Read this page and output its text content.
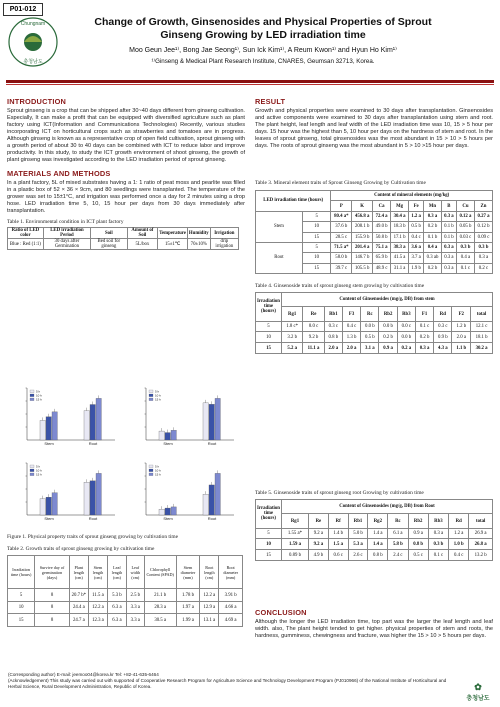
P01-012
Chungnam
충청남도
Change of Growth, Ginsenosides and Physical Properties of Sprout Ginseng Growing by LED irradiation time
Moo Geun Jee¹⁾, Bong Jae Seong¹⁾, Sun Ick Kim¹⁾, A Reum Kwon¹⁾ and Hyun Ho Kim¹⁾
¹⁾Ginseng & Medical Plant Research Institute, CNARES, Geumsan 32713, Korea.
INTRODUCTION
Sprout ginseng is a crop that can be shipped after 30~40 days different from ginseng cultivation. Especially, It can make a profit that can be equipped with diversified agriculture such as plant factory using ICT(Information and Communications Technologies) Recently, various studies incorporating ICT on horticultural crops such as strawberries and tomatoes are in progress. Although ginseng is known as a representative crop of open field cultivation, sprout ginseng with a growth period of about 30 to 40 days can be combined with ICT to reduce labor and improve productivity. In this study, to study the ICT growth environment of shoot ginseng, the growth of plant ginseng was investigated according to the LED irradiation period of sprout ginseng.
MATERIALS AND METHODS
In a plant factory, 5L of mixed substrates having a 1: 1 ratio of peat moss and pearlite was filled in a plastic box of 52 × 36 × 9cm, and 80 seedlings were transplanted. The temperature of the grower was set to 15±1°C, and irrigation was performed once a day for 2 minutes using a drop hose. LED irradiation time 5, 10, 15 hour per days from 30 days immediately after transplantation.
Table 1. Environmental condition in ICT plant factory
Ratio of LED color	LED irradiation Period	Soil	Amount of Soil	Temperature	Humidity	Irrigation
Blue : Red (1:1)	30 days after Germination	Bed soil for ginseng	5L/box	15±1℃	70±10%	drip irrigation
Stem	Root
5 h
10 h
15 h
Stem	Root
5 h
10 h
15 h
Stem	Root
5 h
10 h
15 h
Stem	Root
5 h
10 h
15 h
Figure 1. Physical property traits of sprout ginseng growing by cultivation time
Table 2. Growth traits of sprout ginseng growing by cultivation time
Irradiation time (hours)	Survive day of germination (days)	Plant length (cm)	Stem length (cm)	Leaf length (cm)	Leaf width (cm)	Chlorophyll Content (SPAD)	Stem diameter (mm)	Root length (cm)	Root diameter (mm)
5	8	20.7 b*	11.5 a	5.3 b	2.5 b	21.1 b	1.78 b	12.2 a	3.91 b
10	8	24.4 a	12.2 a	6.3 a	3.3 a	28.3 a	1.97 a	12.9 a	4.66 a
15	8	24.7 a	12.3 a	6.3 a	3.3 a	30.5 a	1.99 a	13.1 a	4.69 a
RESULT
Growth and physical properties were examined to 30 days after transplantation. Ginsenosides and active components were examined to 30 days after transplantation using stem and root. The plant height, leaf length and leaf width of the LED irradiation time was 10, 15 > 5 hour per days. 15 hour was the highest than 5, 10 hour per days on the hardness of stem and root. In the leaves of sprout ginseng, total ginsenosides was the most abundant in 15 > 10 > 5 hours per days. The roots of sprout ginseng was the most abundant in 5 > 10 >15 hour per days.
Table 3. Mineral element traits of Sprout Ginseng Growing by Cultivation time
LED irradiation time (hours)		Content of mineral elements (mg/kg)								
		P	K	Ca	Mg	Fe	Mn	B	Cu	Zn
Stem	5	80.4 a*	456.8 a	72.4 a	30.4 a	1.2 a	0.3 a	0.3 a	0.12 a	0.27 a
	10	37.6 b	208.1 b	49.0 b	18.3 b	0.5 b	0.2 b	0.1 b	0.05 b	0.12 b
	15	28.5 c	155.9 b	50.8 b	17.1 b	0.4 c	0.1 b	0.1 b	0.03 c	0.09 c
Root	5	71.5 a*	201.4 a	75.1 a	38.3 a	3.6 a	0.4 a	0.3 a	0.3 b	0.3 b
	10	58.0 b	146.7 b	65.9 b	41.5 a	3.7 a	0.3 ab	0.3 a	0.4 a	0.3 a
	15	39.7 c	105.5 b	48.9 c	31.1 a	1.9 b	0.2 b	0.3 a	0.1 c	0.2 c
Table 4. Ginsenoside traits of sprout ginseng stem growing by cultivation time
Irradiation time (hours)	Content of Ginsenosides (mg/g, DB) from stem										
	Rg1	Re	Rb1	F3	Rc	Rb2	Rb3	F1	Rd	F2	total
5	1.8 c*	8.0 c	0.3 c	0.4 c	0.0 b	0.0 b	0.0 c	0.1 c	0.3 c	1.2 b	12.1 c
10	3.2 b	9.2 b	0.8 b	1.3 b	0.5 b	0.2 b	0.0 b	0.2 b	0.9 b	2.0 a	18.1 b
15	5.2 a	11.1 a	2.0 a	2.0 a	3.1 a	0.9 a	0.2 a	0.3 a	4.3 a	1.1 b	30.2 a
Table 5. Ginsenoside traits of sprout ginseng root Growing by cultivation time
Irradiation time (hours)	Content of Ginsenosides (mg/g, DB) from Root									
	Rg1	Re	Rf	Rb1	Rg2	Rc	Rb2	Rb3	Rd	total
5	1.55 a*	9.2 a	1.4 b	5.0 b	1.4 a	6.1 a	0.9 a	0.3 a	1.2 a	26.9 a
10	1.59 a	9.2 a	1.5 a	5.3 a	1.4 a	5.8 b	0.8 b	0.3 b	1.0 b	26.8 a
15	0.89 b	4.9 b	0.6 c	2.6 c	0.8 b	2.4 c	0.5 c	0.1 c	0.4 c	13.2 b
CONCLUSION
Although the longer the LED irradiation time, top part was the larger the leaf length and leaf width. also, The plant height tended to get higher. physical properties of stem and roots, the hardness, gumminess, chewingness and fracture, was higher the 15 > 10 > 5 hours per days.
(Corresponding author) E-mail: jeemoo04@korea.kr Tel: +82-41-635-6464
(Acknowledgement) This study was carried out with supported of Cooperative Research Program for Agriculture Science and Technology Development Program (PJ010966) of the National Institute of Horticultural and Herbal Science, Rural Development Administration, Republic of Korea.	✿
충청남도
